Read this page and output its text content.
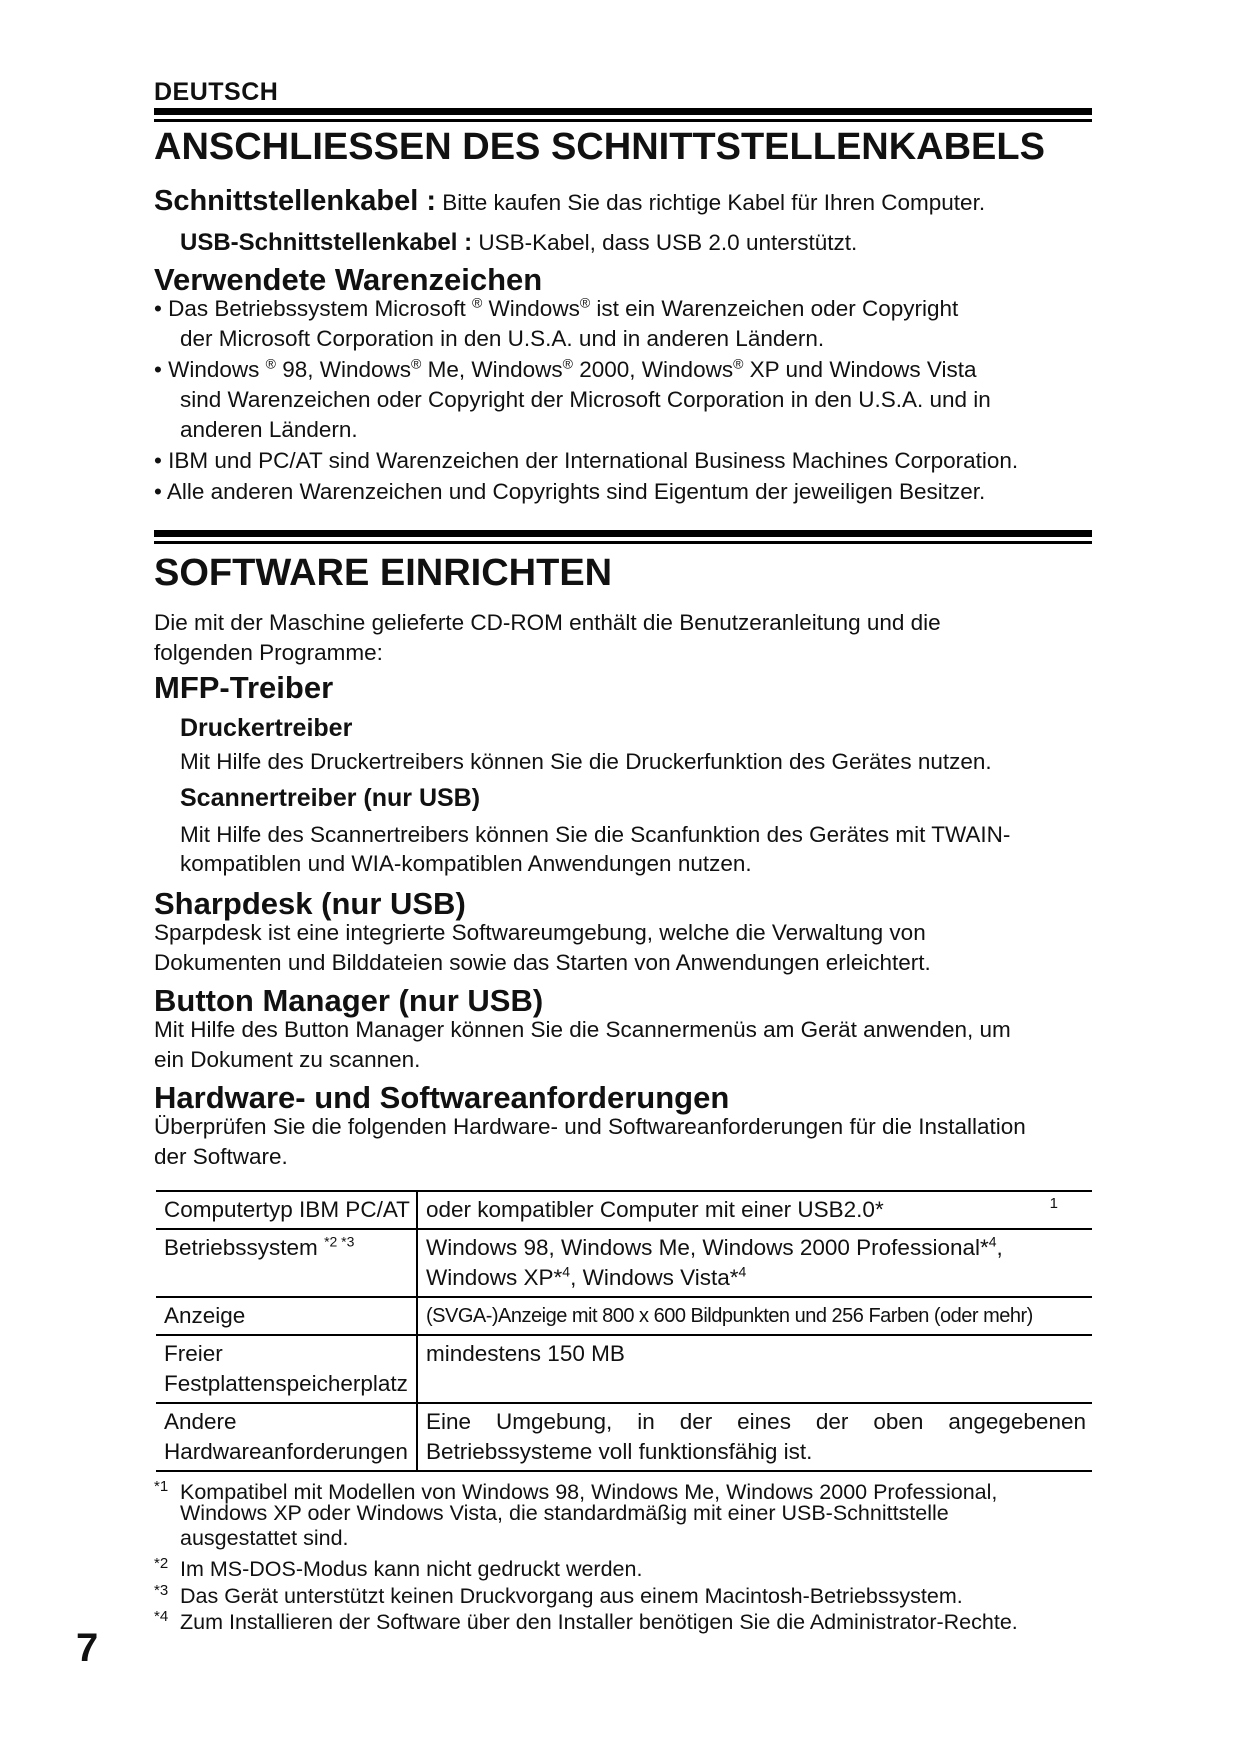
DEUTSCH
ANSCHLIESSEN DES SCHNITTSTELLENKABELS
Schnittstellenkabel : Bitte kaufen Sie das richtige Kabel für Ihren Computer.
USB-Schnittstellenkabel : USB-Kabel, dass USB 2.0 unterstützt.
Verwendete Warenzeichen
• Das Betriebssystem Microsoft ® Windows® ist ein Warenzeichen oder Copyright
der Microsoft Corporation in den U.S.A. und in anderen Ländern.
• Windows ® 98, Windows® Me, Windows® 2000, Windows® XP und Windows Vista
sind Warenzeichen oder Copyright der Microsoft Corporation in den U.S.A. und in
anderen Ländern.
• IBM und PC/AT sind Warenzeichen der International Business Machines Corporation.
• Alle anderen Warenzeichen und Copyrights sind Eigentum der jeweiligen Besitzer.
SOFTWARE EINRICHTEN
Die mit der Maschine gelieferte CD-ROM enthält die Benutzeranleitung und die
folgenden Programme:
MFP-Treiber
Druckertreiber
Mit Hilfe des Druckertreibers können Sie die Druckerfunktion des Gerätes nutzen.
Scannertreiber (nur USB)
Mit Hilfe des Scannertreibers können Sie die Scanfunktion des Gerätes mit TWAIN-
kompatiblen und WIA-kompatiblen Anwendungen nutzen.
Sharpdesk (nur USB)
Sparpdesk ist eine integrierte Softwareumgebung, welche die Verwaltung von
Dokumenten und Bilddateien sowie das Starten von Anwendungen erleichtert.
Button Manager (nur USB)
Mit Hilfe des Button Manager können Sie die Scannermenüs am Gerät anwenden, um
ein Dokument zu scannen.
Hardware- und Softwareanforderungen
Überprüfen Sie die folgenden Hardware- und Softwareanforderungen für die Installation
der Software.
Computertyp IBM PC/AT	oder kompatibler Computer mit einer USB2.0* 1

Betriebssystem $^{*2 *3}$	Windows 98, Windows Me, Windows 2000 Professional*$^4$,
Windows XP*$^4$, Windows Vista*$^4$
Anzeige	(SVGA-)Anzeige mit 800 x 600 Bildpunkten und 256 Farben (oder mehr)
Freier
Festplattenspeicherplatz	mindestens 150 MB
Andere
Hardwareanforderungen	Eine Umgebung, in der eines der oben angegebenen
Betriebssysteme voll funktionsfähig ist.
$^{*1}$ Kompatibel mit Modellen von Windows 98, Windows Me, Windows 2000 Professional,
Windows XP oder Windows Vista, die standardmäßig mit einer USB-Schnittstelle
ausgestattet sind.
$^{*2}$ Im MS-DOS-Modus kann nicht gedruckt werden.
$^{*3}$ Das Gerät unterstützt keinen Druckvorgang aus einem Macintosh-Betriebssystem.
$^{*4}$ Zum Installieren der Software über den Installer benötigen Sie die Administrator-Rechte.
7
